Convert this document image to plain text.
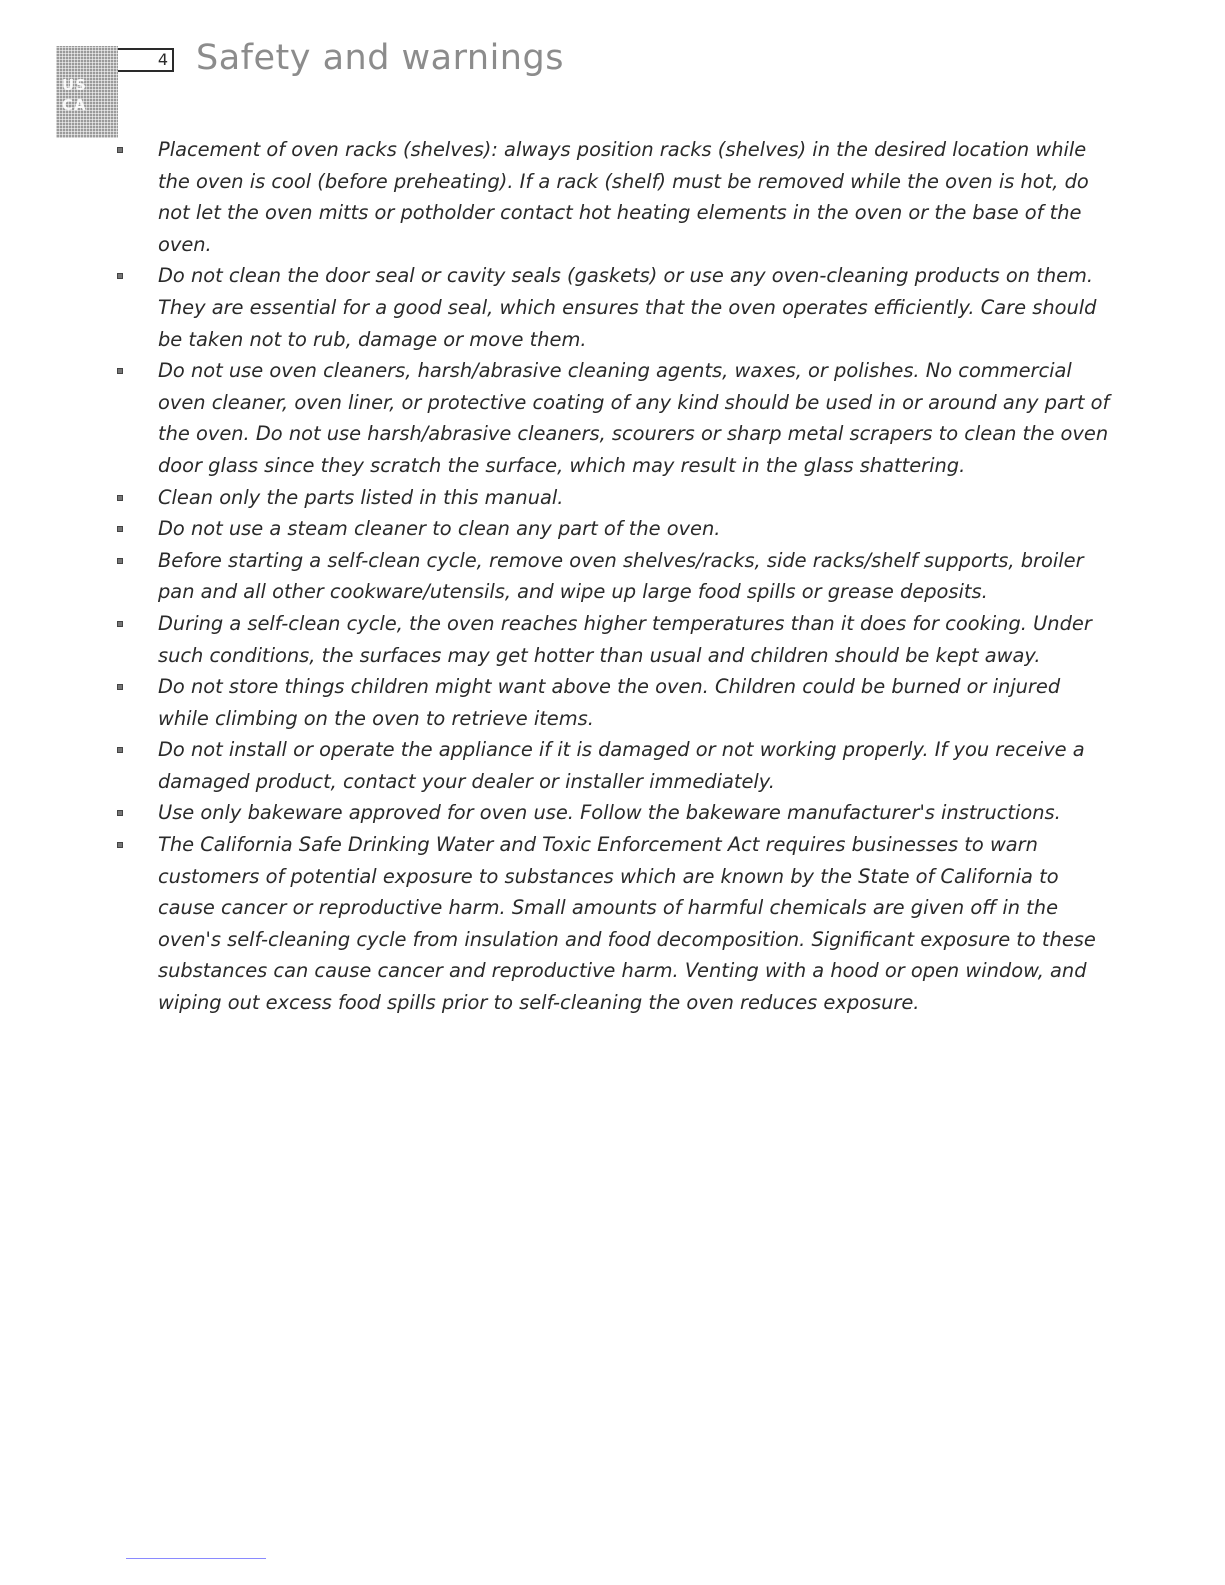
US
CA
4 Safety and warnings
Placement of oven racks (shelves): always position racks (shelves) in the desired location while the oven is cool (before preheating). If a rack (shelf) must be removed while the oven is hot, do not let the oven mitts or potholder contact hot heating elements in the oven or the base of the oven.
Do not clean the door seal or cavity seals (gaskets) or use any oven-cleaning products on them. They are essential for a good seal, which ensures that the oven operates efficiently. Care should be taken not to rub, damage or move them.
Do not use oven cleaners, harsh/abrasive cleaning agents, waxes, or polishes. No commercial oven cleaner, oven liner, or protective coating of any kind should be used in or around any part of the oven. Do not use harsh/abrasive cleaners, scourers or sharp metal scrapers to clean the oven door glass since they scratch the surface, which may result in the glass shattering.
Clean only the parts listed in this manual.
Do not use a steam cleaner to clean any part of the oven.
Before starting a self-clean cycle, remove oven shelves/racks, side racks/shelf supports, broiler pan and all other cookware/utensils, and wipe up large food spills or grease deposits.
During a self-clean cycle, the oven reaches higher temperatures than it does for cooking. Under such conditions, the surfaces may get hotter than usual and children should be kept away.
Do not store things children might want above the oven. Children could be burned or injured while climbing on the oven to retrieve items.
Do not install or operate the appliance if it is damaged or not working properly. If you receive a damaged product, contact your dealer or installer immediately.
Use only bakeware approved for oven use. Follow the bakeware manufacturer's instructions.
The California Safe Drinking Water and Toxic Enforcement Act requires businesses to warn customers of potential exposure to substances which are known by the State of California to cause cancer or reproductive harm. Small amounts of harmful chemicals are given off in the oven's self-cleaning cycle from insulation and food decomposition. Significant exposure to these substances can cause cancer and reproductive harm. Venting with a hood or open window, and wiping out excess food spills prior to self-cleaning the oven reduces exposure.
